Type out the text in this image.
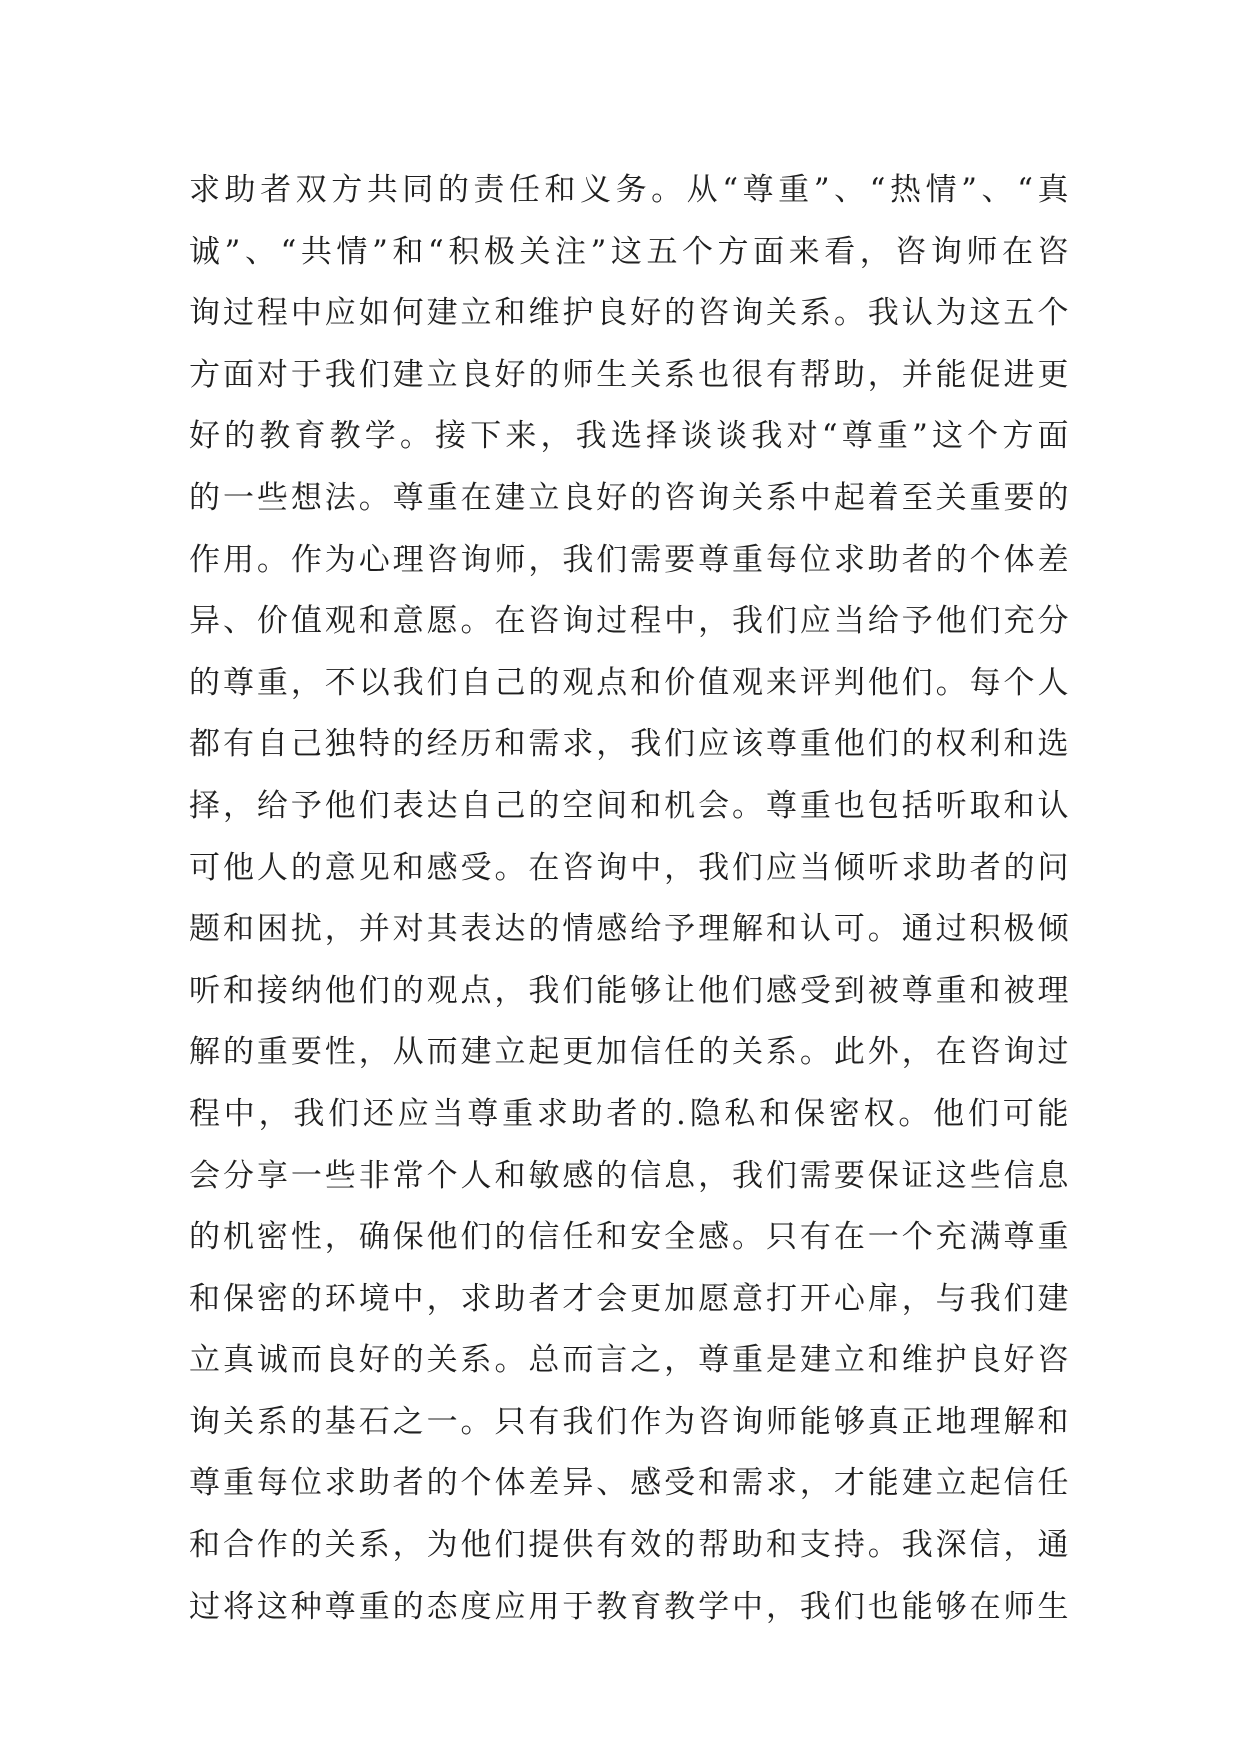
求助者双方共同的责任和义务。从“尊重”、“热情”、“真
诚”、“共情”和“积极关注”这五个方面来看，咨询师在咨
询过程中应如何建立和维护良好的咨询关系。我认为这五个
方面对于我们建立良好的师生关系也很有帮助，并能促进更
好的教育教学。接下来，我选择谈谈我对“尊重”这个方面
的一些想法。尊重在建立良好的咨询关系中起着至关重要的
作用。作为心理咨询师，我们需要尊重每位求助者的个体差
异、价值观和意愿。在咨询过程中，我们应当给予他们充分
的尊重，不以我们自己的观点和价值观来评判他们。每个人
都有自己独特的经历和需求，我们应该尊重他们的权利和选
择，给予他们表达自己的空间和机会。尊重也包括听取和认
可他人的意见和感受。在咨询中，我们应当倾听求助者的问
题和困扰，并对其表达的情感给予理解和认可。通过积极倾
听和接纳他们的观点，我们能够让他们感受到被尊重和被理
解的重要性，从而建立起更加信任的关系。此外，在咨询过
程中，我们还应当尊重求助者的.隐私和保密权。他们可能
会分享一些非常个人和敏感的信息，我们需要保证这些信息
的机密性，确保他们的信任和安全感。只有在一个充满尊重
和保密的环境中，求助者才会更加愿意打开心扉，与我们建
立真诚而良好的关系。总而言之，尊重是建立和维护良好咨
询关系的基石之一。只有我们作为咨询师能够真正地理解和
尊重每位求助者的个体差异、感受和需求，才能建立起信任
和合作的关系，为他们提供有效的帮助和支持。我深信，通
过将这种尊重的态度应用于教育教学中，我们也能够在师生
